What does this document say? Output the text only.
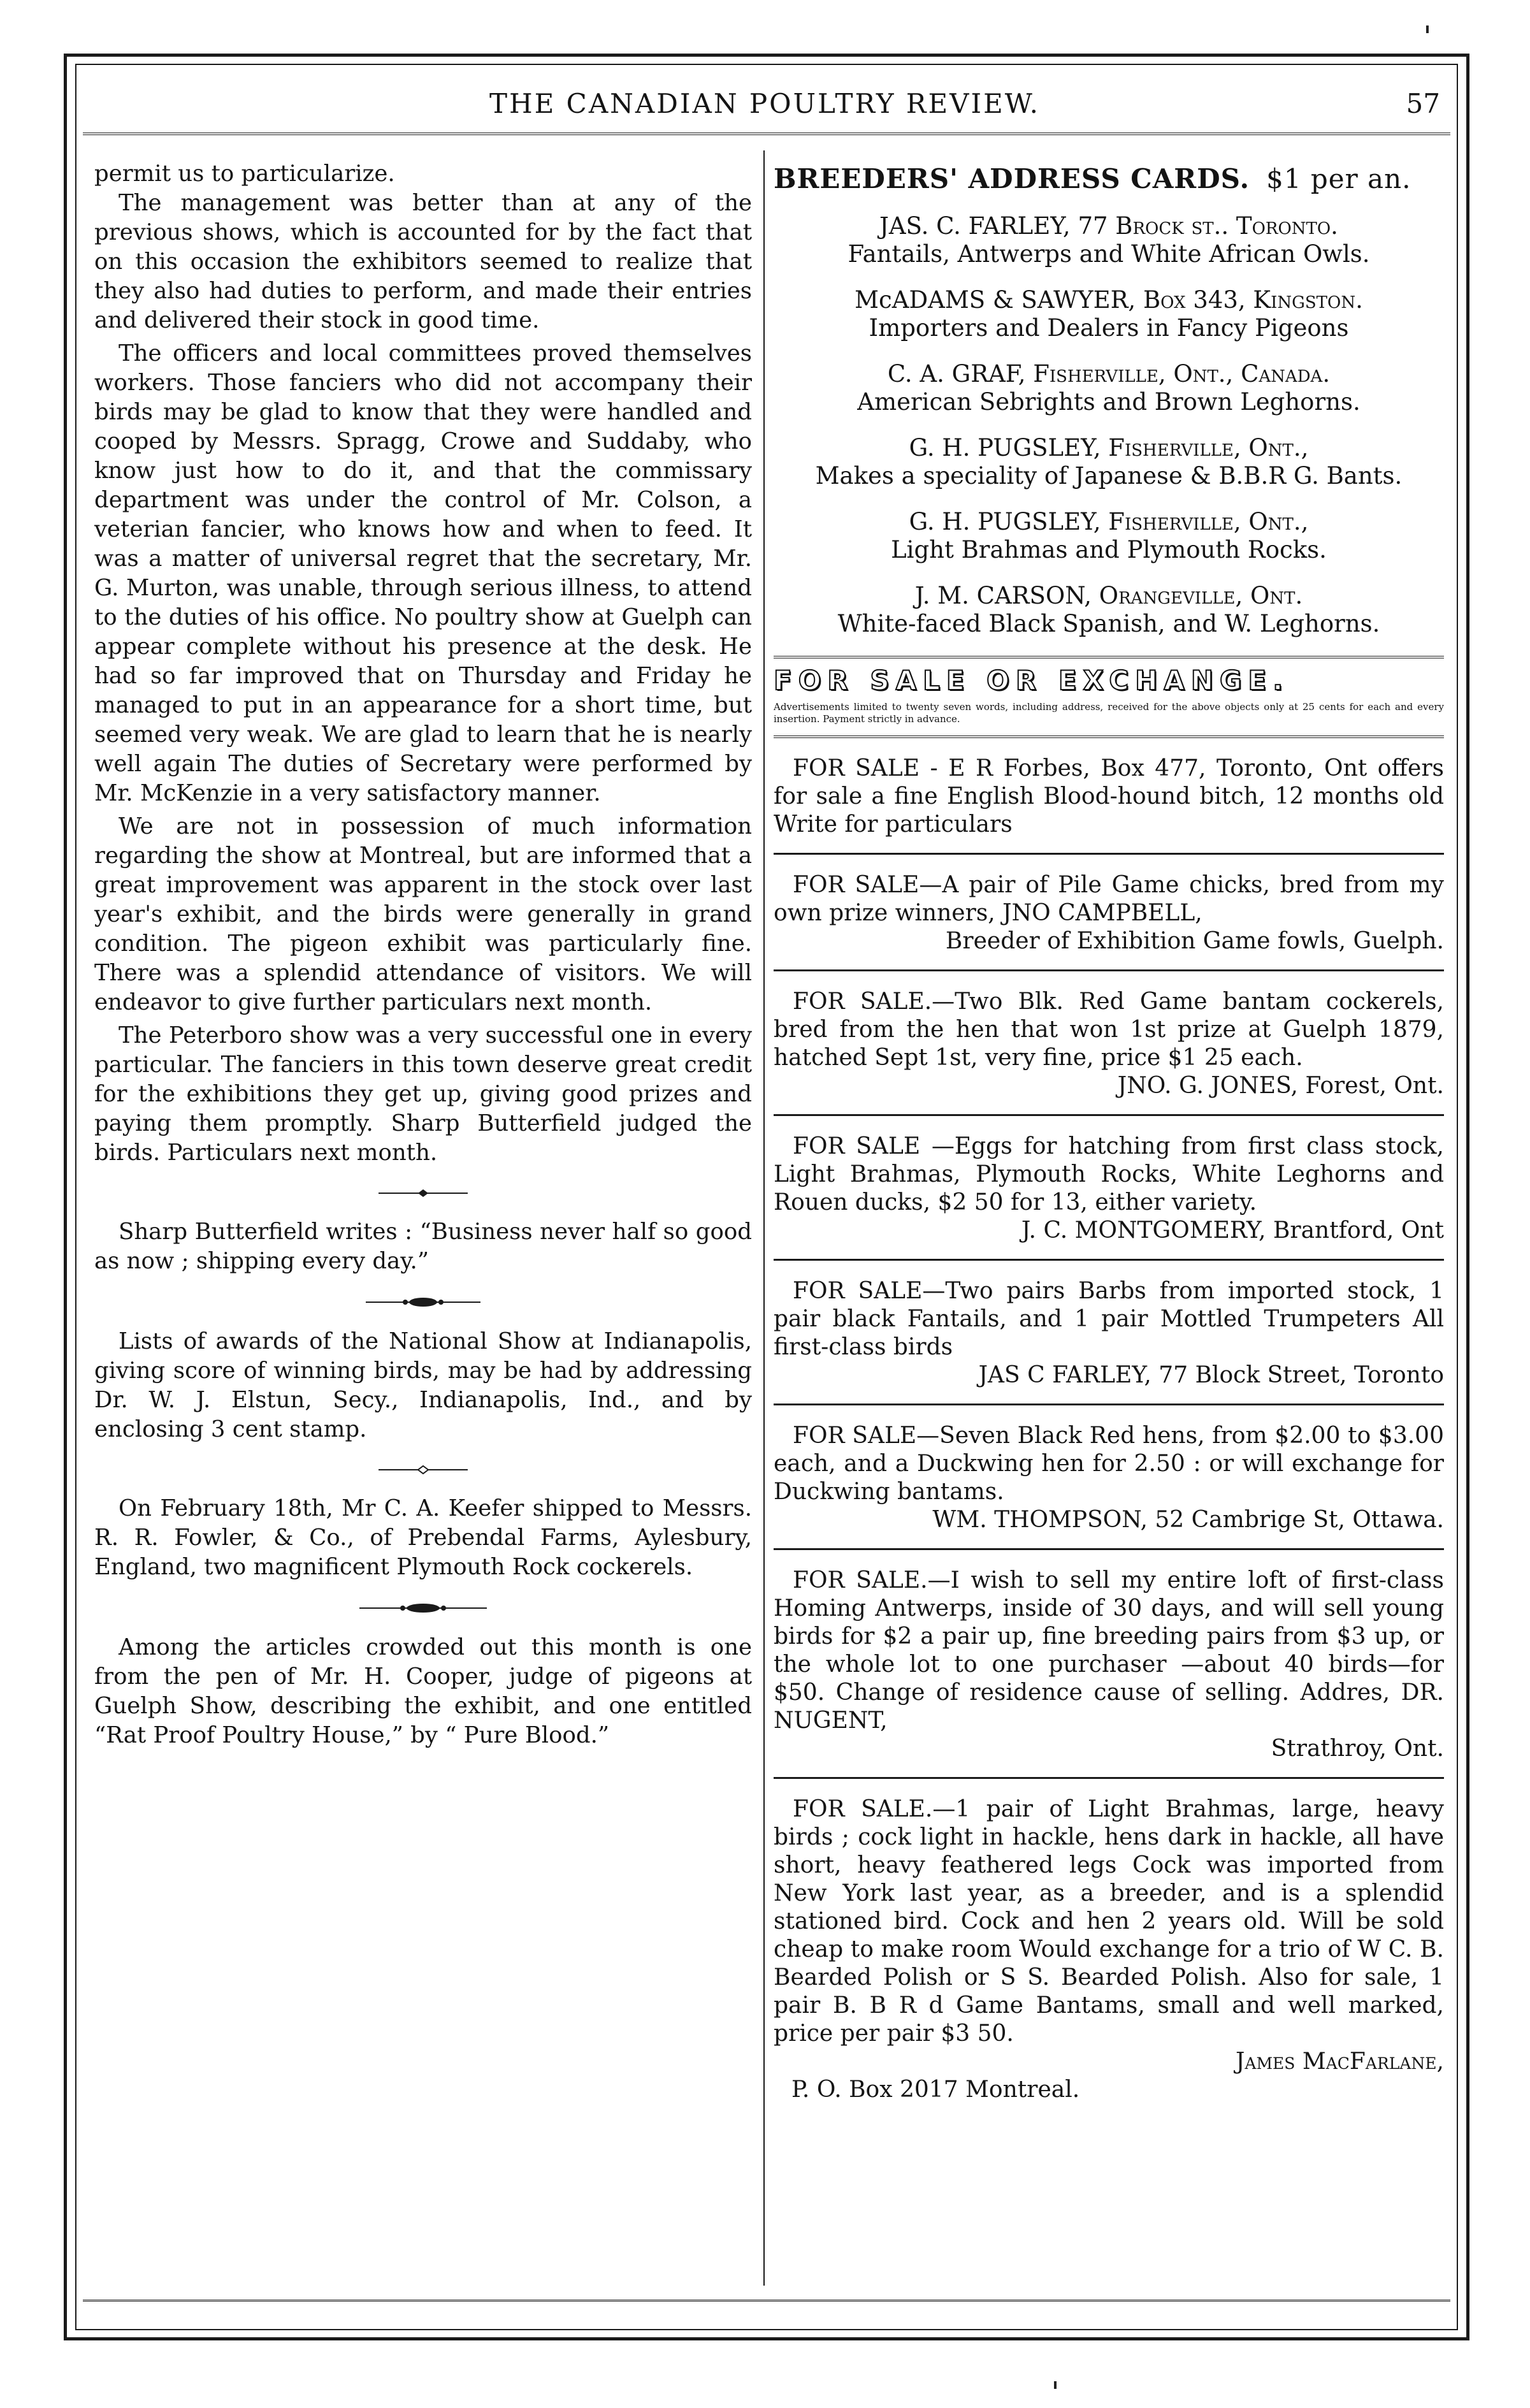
THE CANADIAN POULTRY REVIEW.	57

permit us to particularize.

The management was better than at any of the previous shows, which is accounted for by the fact that on this occasion the exhibitors seemed to realize that they also had duties to perform, and made their entries and delivered their stock in good time.

The officers and local committees proved themselves workers. Those fanciers who did not accompany their birds may be glad to know that they were handled and cooped by Messrs. Spragg, Crowe and Suddaby, who know just how to do it, and that the commissary department was under the control of Mr. Colson, a veterian fancier, who knows how and when to feed. It was a matter of universal regret that the secretary, Mr. G. Murton, was unable, through serious illness, to attend to the duties of his office. No poultry show at Guelph can appear complete without his presence at the desk. He had so far improved that on Thursday and Friday he managed to put in an appearance for a short time, but seemed very weak. We are glad to learn that he is nearly well again The duties of Secretary were performed by Mr. McKenzie in a very satisfactory manner.

We are not in possession of much information regarding the show at Montreal, but are informed that a great improvement was apparent in the stock over last year's exhibit, and the birds were generally in grand condition. The pigeon exhibit was particularly fine. There was a splendid attendance of visitors. We will endeavor to give further particulars next month.

The Peterboro show was a very successful one in every particular. The fanciers in this town deserve great credit for the exhibitions they get up, giving good prizes and paying them promptly. Sharp Butterfield judged the birds. Particulars next month.

Sharp Butterfield writes : “Business never half so good as now ; shipping every day.”

Lists of awards of the National Show at Indianapolis, giving score of winning birds, may be had by addressing Dr. W. J. Elstun, Secy., Indianapolis, Ind., and by enclosing 3 cent stamp.

On February 18th, Mr C. A. Keefer shipped to Messrs. R. R. Fowler, & Co., of Prebendal Farms, Aylesbury, England, two magnificent Plymouth Rock cockerels.

Among the articles crowded out this month is one from the pen of Mr. H. Cooper, judge of pigeons at Guelph Show, describing the exhibit, and one entitled “Rat Proof Poultry House,” by “ Pure Blood.”

BREEDERS' ADDRESS CARDS. $1 per an.
JAS. C. FARLEY, 77 Brock st.. Toronto.
Fantails, Antwerps and White African Owls.
McADAMS & SAWYER, Box 343, Kingston.
Importers and Dealers in Fancy Pigeons
C. A. GRAF, Fisherville, Ont., Canada.
American Sebrights and Brown Leghorns.
G. H. PUGSLEY, Fisherville, Ont.,
Makes a speciality of Japanese & B.B.R G. Bants.
G. H. PUGSLEY, Fisherville, Ont.,
Light Brahmas and Plymouth Rocks.
J. M. CARSON, Orangeville, Ont.
White-faced Black Spanish, and W. Leghorns.
FOR SALE OR EXCHANGE.
Advertisements limited to twenty seven words, including address, received for the above objects only at 25 cents for each and every insertion. Payment strictly in advance.

FOR SALE - E R Forbes, Box 477, Toronto, Ont offers for sale a fine English Blood-hound bitch, 12 months old Write for particulars

FOR SALE—A pair of Pile Game chicks, bred from my own prize winners, JNO CAMPBELL,

Breeder of Exhibition Game fowls, Guelph.

FOR SALE.—Two Blk. Red Game bantam cockerels, bred from the hen that won 1st prize at Guelph 1879, hatched Sept 1st, very fine, price $1 25 each.

JNO. G. JONES, Forest, Ont.

FOR SALE —Eggs for hatching from first class stock, Light Brahmas, Plymouth Rocks, White Leghorns and Rouen ducks, $2 50 for 13, either variety.

J. C. MONTGOMERY, Brantford, Ont

FOR SALE—Two pairs Barbs from imported stock, 1 pair black Fantails, and 1 pair Mottled Trumpeters All first-class birds

JAS C FARLEY, 77 Block Street, Toronto

FOR SALE—Seven Black Red hens, from $2.00 to $3.00 each, and a Duckwing hen for 2.50 : or will exchange for Duckwing bantams.

WM. THOMPSON, 52 Cambrige St, Ottawa.

FOR SALE.—I wish to sell my entire loft of first-class Homing Antwerps, inside of 30 days, and will sell young birds for $2 a pair up, fine breeding pairs from $3 up, or the whole lot to one purchaser —about 40 birds—for $50. Change of residence cause of selling. Addres, DR. NUGENT,

Strathroy, Ont.

FOR SALE.—1 pair of Light Brahmas, large, heavy birds ; cock light in hackle, hens dark in hackle, all have short, heavy feathered legs Cock was imported from New York last year, as a breeder, and is a splendid stationed bird. Cock and hen 2 years old. Will be sold cheap to make room Would exchange for a trio of W C. B. Bearded Polish or S S. Bearded Polish. Also for sale, 1 pair B. B R d Game Bantams, small and well marked, price per pair $3 50.

James MacFarlane,
P. O. Box 2017 Montreal.
